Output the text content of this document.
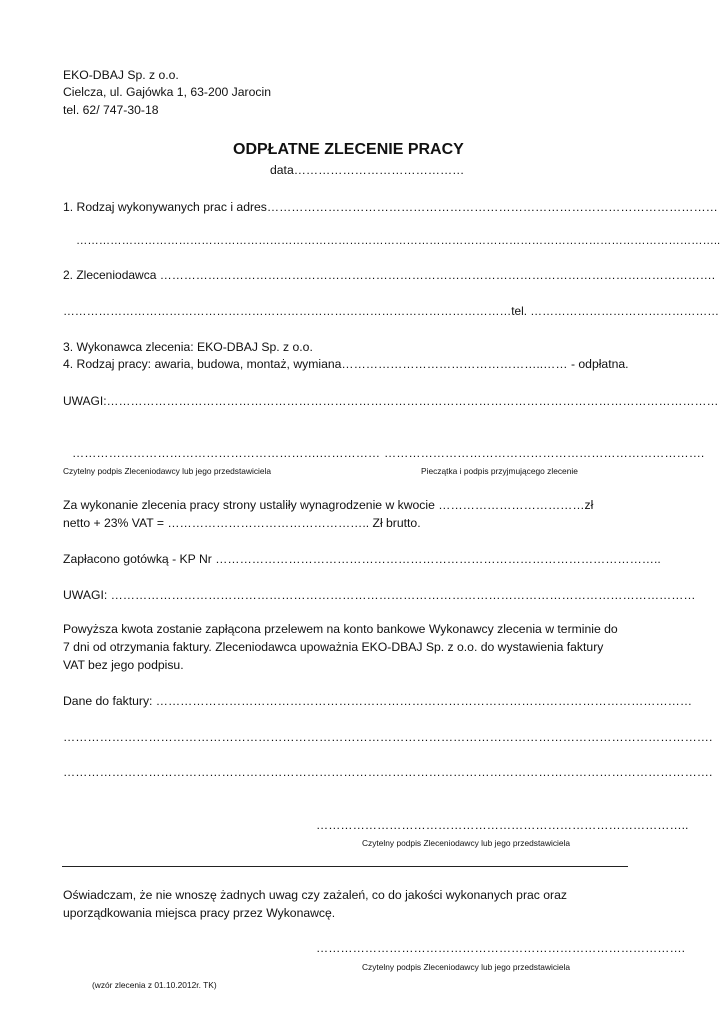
EKO-DBAJ Sp. z o.o.
Cielcza, ul. Gajówka 1, 63-200 Jarocin
tel. 62/ 747-30-18
ODPŁATNE ZLECENIE PRACY
data……………………………………
1. Rodzaj wykonywanych prac i adres…………………………………………………………………………………………………
……………………………………………………………………………………………………………………………………………………..
2. Zleceniodawca ………………………………………………………………………………………………………………………….
……………………………………………………………………………………………………tel. …………………………………………
3. Wykonawca zlecenia: EKO-DBAJ Sp. z o.o.
4. Rodzaj pracy: awaria, budowa, montaż, wymiana…………………………………………..…… - odpłatna.
UWAGI:………………………………………………………………………………………………………………………………………
…………………………………………………….……………
Czytelny podpis Zleceniodawcy lub jego przedstawiciela
…………………………………………………………………….
Pieczątka i podpis przyjmującego zlecenie
Za wykonanie zlecenia pracy strony ustaliły wynagrodzenie w kwocie ………………………………zł
netto + 23% VAT = ………………………………………….. Zł brutto.
Zapłacono gotówką - KP Nr ………………………………………………………………………………………………..
UWAGI: ………………………………………………………………………………………………………………………………
Powyższa kwota zostanie zapłącona przelewem na konto bankowe Wykonawcy zlecenia w terminie do
7 dni od otrzymania faktury. Zleceniodawca upoważnia EKO-DBAJ Sp. z o.o. do wystawienia faktury
VAT bez jego podpisu.
Dane do faktury: ……………………………………………………………………………………………………………………
…………………………………………………………………………………………………………………………………………….
…………………………………………………………………………………………………………………………………………….
………………………………………………………………………………..
Czytelny podpis Zleceniodawcy lub jego przedstawiciela
Oświadczam, że nie wnoszę żadnych uwag czy zażaleń, co do jakości wykonanych prac oraz
uporządkowania miejsca pracy przez Wykonawcę.
……………………………………………………………………………….
Czytelny podpis Zleceniodawcy lub jego przedstawiciela
(wzór zlecenia z 01.10.2012r. TK)
